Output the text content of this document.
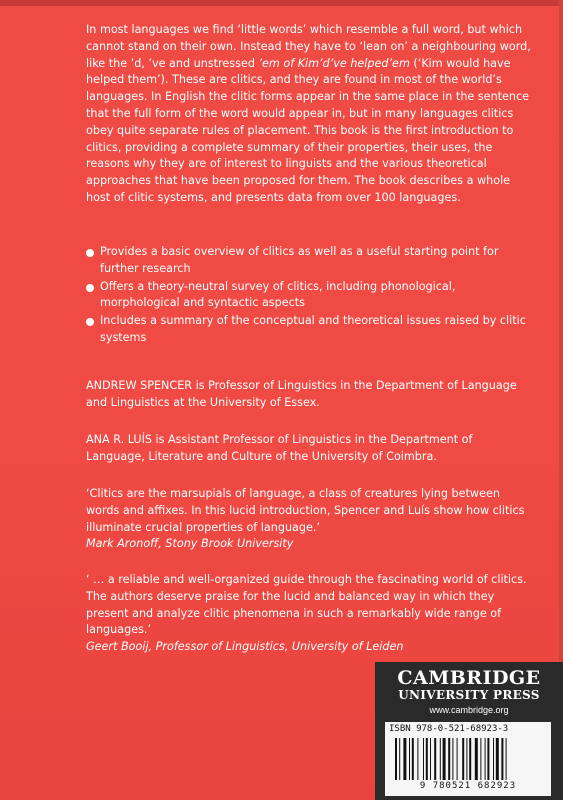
In most languages we find ‘little words’ which resemble a full word, but which cannot stand on their own. Instead they have to ‘lean on’ a neighbouring word, like the ’d, ’ve and unstressed ’em of Kim’d’ve helped’em (‘Kim would have helped them’). These are clitics, and they are found in most of the world’s languages. In English the clitic forms appear in the same place in the sentence that the full form of the word would appear in, but in many languages clitics obey quite separate rules of placement. This book is the first introduction to clitics, providing a complete summary of their properties, their uses, the reasons why they are of interest to linguists and the various theoretical approaches that have been proposed for them. The book describes a whole host of clitic systems, and presents data from over 100 languages.

Provides a basic overview of clitics as well as a useful starting point for further research
Offers a theory-neutral survey of clitics, including phonological, morphological and syntactic aspects
Includes a summary of the conceptual and theoretical issues raised by clitic systems

ANDREW SPENCER is Professor of Linguistics in the Department of Language and Linguistics at the University of Essex.

ANA R. LUÍS is Assistant Professor of Linguistics in the Department of Language, Literature and Culture of the University of Coimbra.

‘Clitics are the marsupials of language, a class of creatures lying between words and affixes. In this lucid introduction, Spencer and Luís show how clitics illuminate crucial properties of language.’
Mark Aronoff, Stony Brook University

‘ … a reliable and well-organized guide through the fascinating world of clitics. The authors deserve praise for the lucid and balanced way in which they present and analyze clitic phenomena in such a remarkably wide range of languages.’
Geert Booij, Professor of Linguistics, University of Leiden

CAMBRIDGE
UNIVERSITY PRESS
www.cambridge.org
ISBN 978-0-521-68923-3
9 780521 682923
